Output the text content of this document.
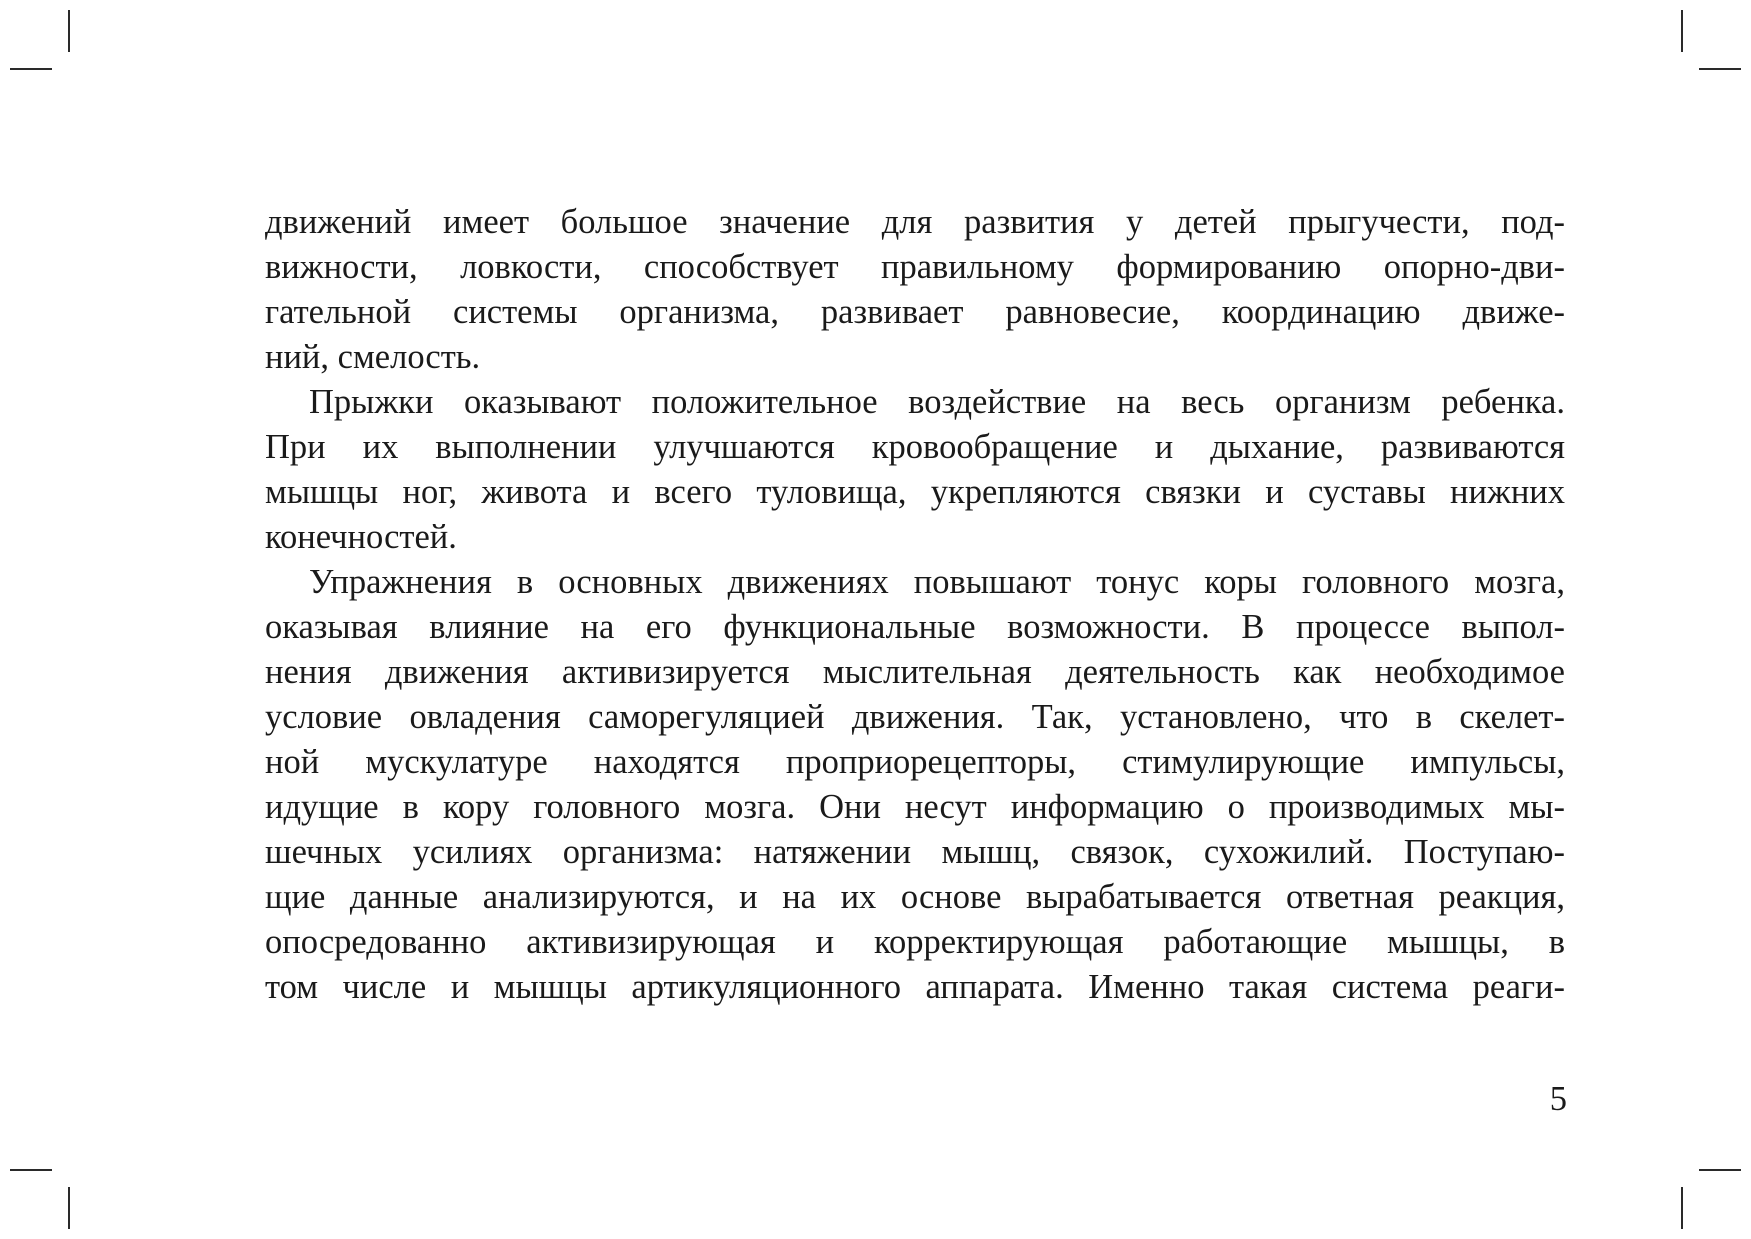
движений имеет большое значение для развития у детей прыгучести, под-
вижности, ловкости, способствует правильному формированию опорно-дви-
гательной системы организма, развивает равновесие, координацию движе-
ний, смелость.
Прыжки оказывают положительное воздействие на весь организм ребенка.
При их выполнении улучшаются кровообращение и дыхание, развиваются
мышцы ног, живота и всего туловища, укрепляются связки и суставы нижних
конечностей.
Упражнения в основных движениях повышают тонус коры головного мозга,
оказывая влияние на его функциональные возможности. В процессе выпол-
нения движения активизируется мыслительная деятельность как необходимое
условие овладения саморегуляцией движения. Так, установлено, что в скелет-
ной мускулатуре находятся проприорецепторы, стимулирующие импульсы,
идущие в кору головного мозга. Они несут информацию о производимых мы-
шечных усилиях организма: натяжении мышц, связок, сухожилий. Поступаю-
щие данные анализируются, и на их основе вырабатывается ответная реакция,
опосредованно активизирующая и корректирующая работающие мышцы, в
том числе и мышцы артикуляционного аппарата. Именно такая система реаги-
5
